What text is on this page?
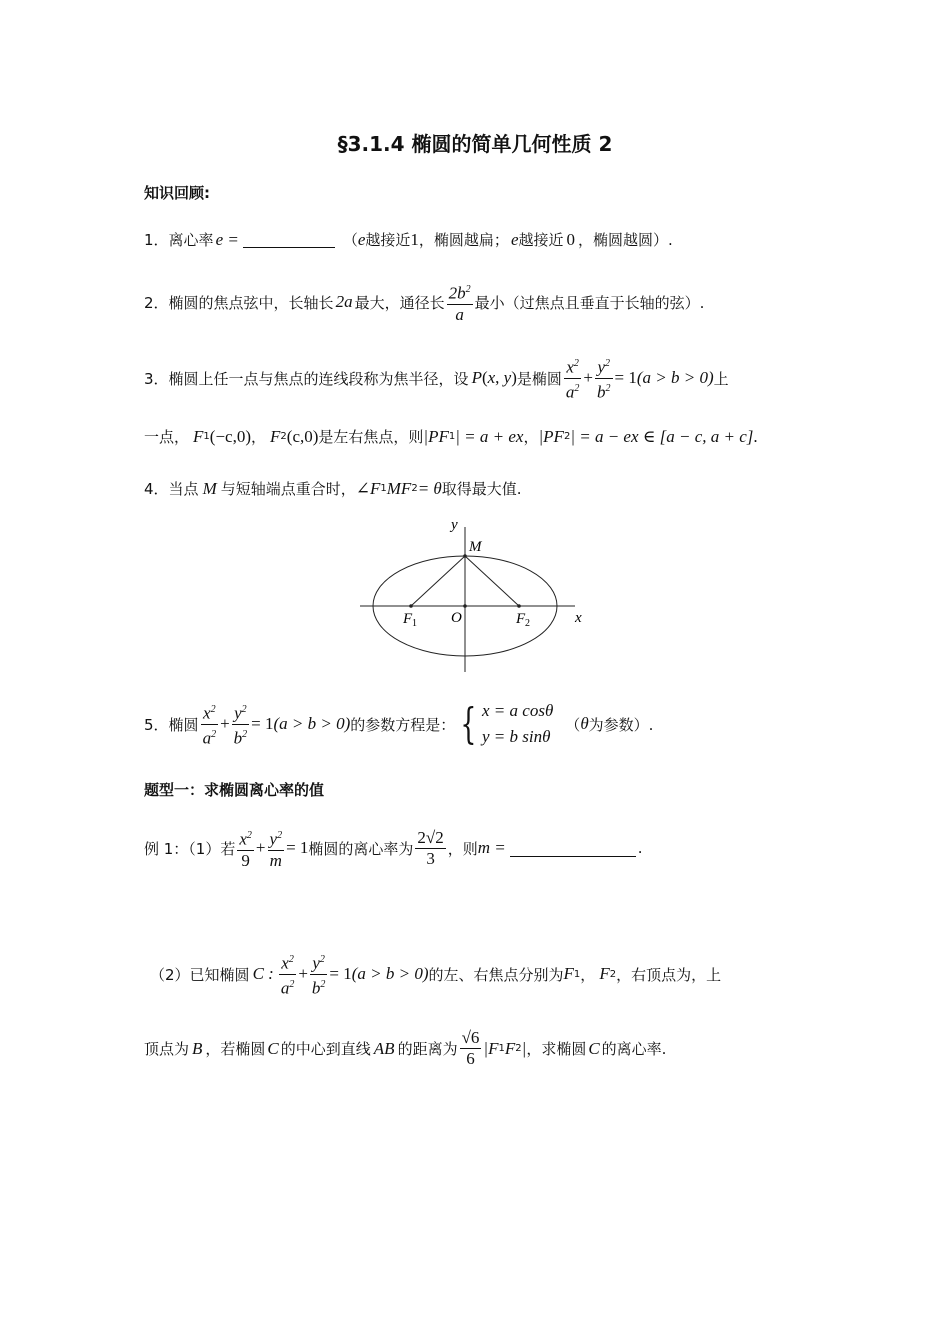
§3.1.4 椭圆的简单几何性质 2
知识回顾:
1． 离心率 e =	（ e 越接近 1 ，椭圆越扁； e 越接近 0 ，椭圆越圆）.
2． 椭圆的焦点弦中，长轴长 2a 最大，通径长 $\frac{2b^2}{a}$ 最小（过焦点且垂直于长轴的弦）.
3． 椭圆上任一点与焦点的连线段称为焦半径，设 P ( x , y ) 是椭圆 $\frac{x^2}{a^2} + \frac{y^2}{b^2} = 1$ (a > b > 0) 上
一点， F 1 (−c,0) ， F 2 (c,0) 是左右焦点，则 |PF 1 | = a + ex ， |PF 2 | = a − ex ∈ [a − c, a + c] .
4． 当点 M 与短轴端点重合时， ∠F 1 MF 2 = θ 取得最大值.
y
M
O	x
F 1	F 2
5． 椭圆 $\frac{x^2}{a^2} + \frac{y^2}{b^2} = 1$ (a > b > 0) 的参数方程是： { x = a cosθ
y = b sinθ
（ θ 为参数）.
题型一：求椭圆离心率的值
例 1：（1） 若 $\frac{x^2}{9} + \frac{y^2}{m} = 1$ 椭圆的离心率为 $\frac{2√2}{3}$ ，则 m =	.
（2） 已知椭圆 C : $\frac{x^2}{a^2} + \frac{y^2}{b^2} = 1$ (a > b > 0) 的左、右焦点分别为 F 1 ， F 2 ，右顶点为 ，上
顶点为 B ，若椭圆 C 的中心到直线 AB 的距离为 $\frac{√6}{6} |F$ 1 F 2 | ，求椭圆 C 的离心率.
